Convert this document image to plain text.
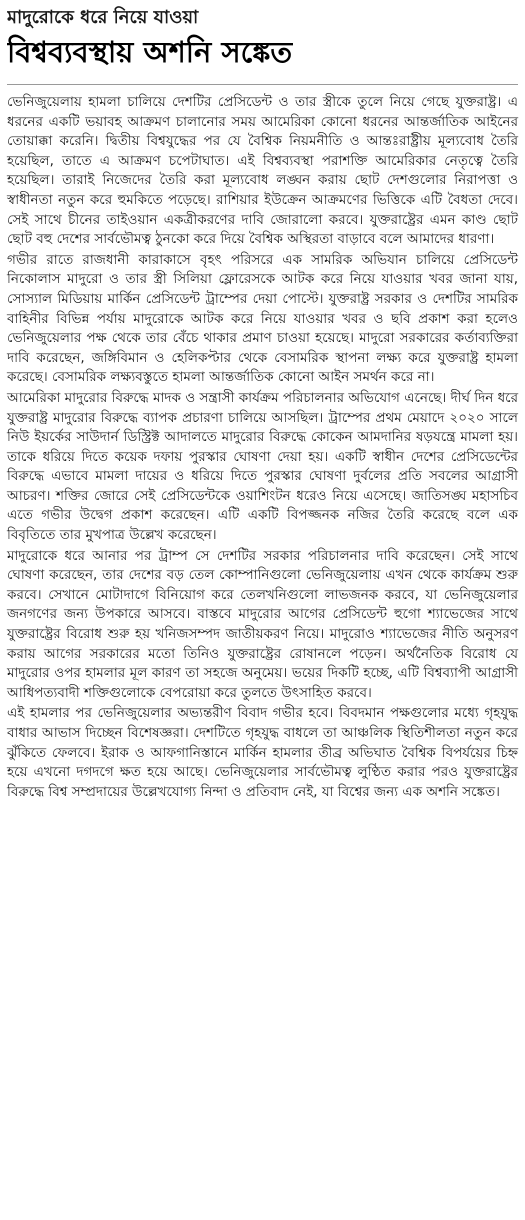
মাদুরোকে ধরে নিয়ে যাওয়া
বিশ্বব্যবস্থায় অশনি সঙ্কেত

ভেনিজুয়েলায় হামলা চালিয়ে দেশটির প্রেসিডেন্ট ও তার স্ত্রীকে তুলে নিয়ে গেছে যুক্তরাষ্ট্র। এ ধরনের একটি ভয়াবহ আক্রমণ চালানোর সময় আমেরিকা কোনো ধরনের আন্তর্জাতিক আইনের তোয়াক্কা করেনি। দ্বিতীয় বিশ্বযুদ্ধের পর যে বৈশ্বিক নিয়মনীতি ও আন্তঃরাষ্ট্রীয় মূল্যবোধ তৈরি হয়েছিল, তাতে এ আক্রমণ চপেটাঘাত। এই বিশ্বব্যবস্থা পরাশক্তি আমেরিকার নেতৃত্বে তৈরি হয়েছিল। তারাই নিজেদের তৈরি করা মূল্যবোধ লঙ্ঘন করায় ছোট দেশগুলোর নিরাপত্তা ও স্বাধীনতা নতুন করে হুমকিতে পড়েছে। রাশিয়ার ইউক্রেন আক্রমণের ভিত্তিকে এটি বৈধতা দেবে। সেই সাথে চীনের তাইওয়ান একত্রীকরণের দাবি জোরালো করবে। যুক্তরাষ্ট্রের এমন কাণ্ড ছোট ছোট বহু দেশের সার্বভৌমত্ব ঠুনকো করে দিয়ে বৈশ্বিক অস্থিরতা বাড়াবে বলে আমাদের ধারণা।

গভীর রাতে রাজধানী কারাকাসে বৃহৎ পরিসরে এক সামরিক অভিযান চালিয়ে প্রেসিডেন্ট নিকোলাস মাদুরো ও তার স্ত্রী সিলিয়া ফ্লোরেসকে আটক করে নিয়ে যাওয়ার খবর জানা যায়, সোস্যাল মিডিয়ায় মার্কিন প্রেসিডেন্ট ট্রাম্পের দেয়া পোস্টে। যুক্তরাষ্ট্র সরকার ও দেশটির সামরিক বাহিনীর বিভিন্ন পর্যায় মাদুরোকে আটক করে নিয়ে যাওয়ার খবর ও ছবি প্রকাশ করা হলেও ভেনিজুয়েলার পক্ষ থেকে তার বেঁচে থাকার প্রমাণ চাওয়া হয়েছে। মাদুরো সরকারের কর্তাব্যক্তিরা দাবি করেছেন, জঙ্গিবিমান ও হেলিকপ্টার থেকে বেসামরিক স্থাপনা লক্ষ্য করে যুক্তরাষ্ট্র হামলা করেছে। বেসামরিক লক্ষ্যবস্তুতে হামলা আন্তর্জাতিক কোনো আইন সমর্থন করে না।

আমেরিকা মাদুরোর বিরুদ্ধে মাদক ও সন্ত্রাসী কার্যক্রম পরিচালনার অভিযোগ এনেছে। দীর্ঘ দিন ধরে যুক্তরাষ্ট্র মাদুরোর বিরুদ্ধে ব্যাপক প্রচারণা চালিয়ে আসছিল। ট্রাম্পের প্রথম মেয়াদে ২০২০ সালে নিউ ইয়র্কের সাউদার্ন ডিস্ট্রিক্ট আদালতে মাদুরোর বিরুদ্ধে কোকেন আমদানির ষড়যন্ত্রে মামলা হয়। তাকে ধরিয়ে দিতে কয়েক দফায় পুরস্কার ঘোষণা দেয়া হয়। একটি স্বাধীন দেশের প্রেসিডেন্টের বিরুদ্ধে এভাবে মামলা দায়ের ও ধরিয়ে দিতে পুরস্কার ঘোষণা দুর্বলের প্রতি সবলের আগ্রাসী আচরণ। শক্তির জোরে সেই প্রেসিডেন্টকে ওয়াশিংটন ধরেও নিয়ে এসেছে। জাতিসঙ্ঘ মহাসচিব এতে গভীর উদ্বেগ প্রকাশ করেছেন। এটি একটি বিপজ্জনক নজির তৈরি করেছে বলে এক বিবৃতিতে তার মুখপাত্র উল্লেখ করেছেন।

মাদুরোকে ধরে আনার পর ট্রাম্প সে দেশটির সরকার পরিচালনার দাবি করেছেন। সেই সাথে ঘোষণা করেছেন, তার দেশের বড় তেল কোম্পানিগুলো ভেনিজুয়েলায় এখন থেকে কার্যক্রম শুরু করবে। সেখানে মোটাদাগে বিনিয়োগ করে তেলখনিগুলো লাভজনক করবে, যা ভেনিজুয়েলার জনগণের জন্য উপকারে আসবে। বাস্তবে মাদুরোর আগের প্রেসিডেন্ট হুগো শ্যাভেজের সাথে যুক্তরাষ্ট্রের বিরোধ শুরু হয় খনিজসম্পদ জাতীয়করণ নিয়ে। মাদুরোও শ্যাভেজের নীতি অনুসরণ করায় আগের সরকারের মতো তিনিও যুক্তরাষ্ট্রের রোষানলে পড়েন। অর্থনৈতিক বিরোধ যে মাদুরোর ওপর হামলার মূল কারণ তা সহজে অনুমেয়। ভয়ের দিকটি হচ্ছে, এটি বিশ্বব্যাপী আগ্রাসী আধিপত্যবাদী শক্তিগুলোকে বেপরোয়া করে তুলতে উৎসাহিত করবে।

এই হামলার পর ভেনিজুয়েলার অভ্যন্তরীণ বিবাদ গভীর হবে। বিবদমান পক্ষগুলোর মধ্যে গৃহযুদ্ধ বাধার আভাস দিচ্ছেন বিশেষজ্ঞরা। দেশটিতে গৃহযুদ্ধ বাধলে তা আঞ্চলিক স্থিতিশীলতা নতুন করে ঝুঁকিতে ফেলবে। ইরাক ও আফগানিস্তানে মার্কিন হামলার তীব্র অভিঘাত বৈশ্বিক বিপর্যয়ের চিহ্ন হয়ে এখনো দগদগে ক্ষত হয়ে আছে। ভেনিজুয়েলার সার্বভৌমত্ব লুণ্ঠিত করার পরও যুক্তরাষ্ট্রের বিরুদ্ধে বিশ্ব সম্প্রদায়ের উল্লেখযোগ্য নিন্দা ও প্রতিবাদ নেই, যা বিশ্বের জন্য এক অশনি সঙ্কেত।
